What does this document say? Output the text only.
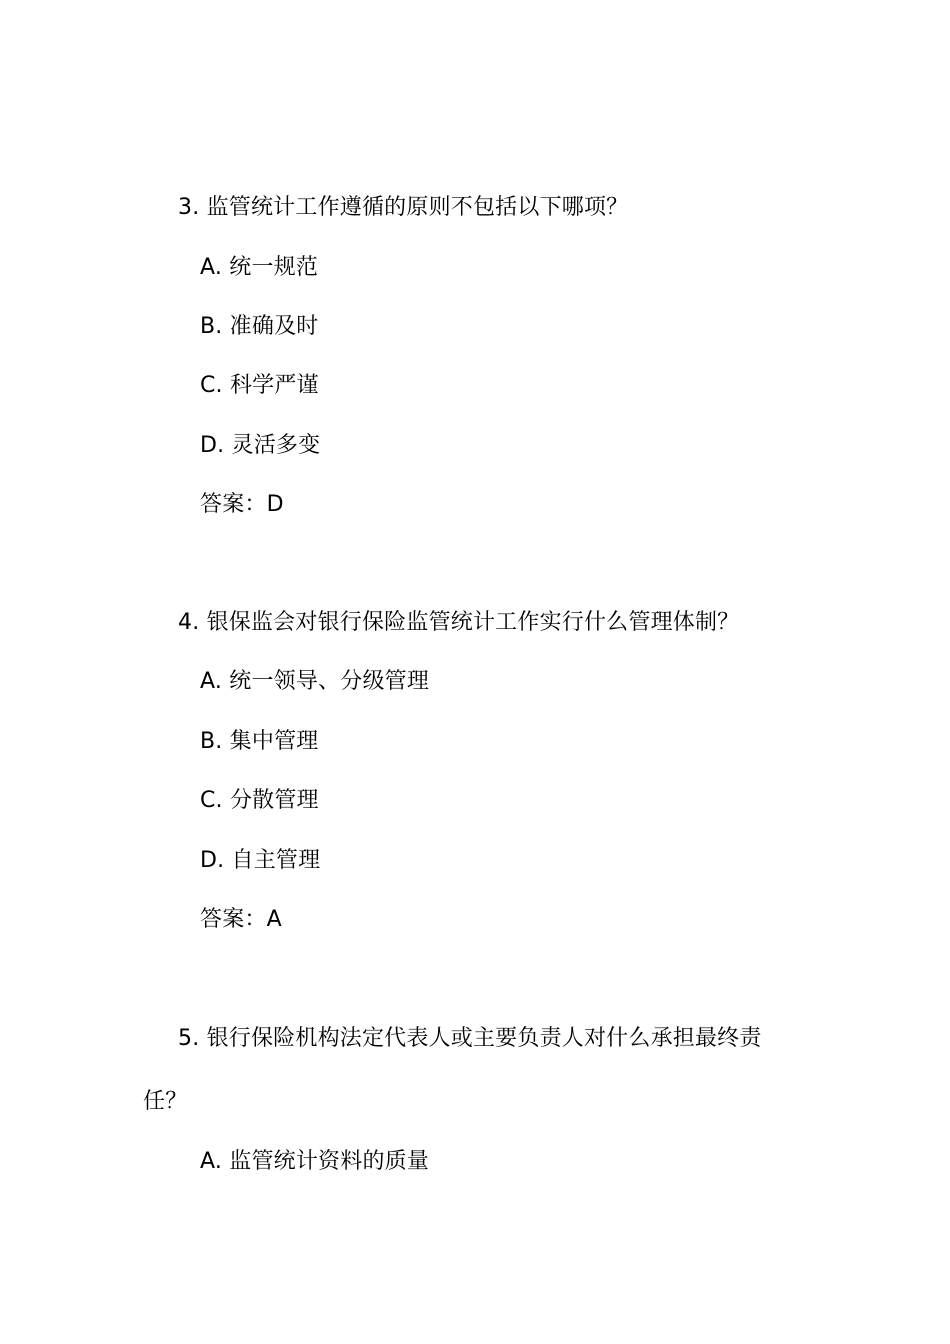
3. 监管统计工作遵循的原则不包括以下哪项？
A. 统一规范
B. 准确及时
C. 科学严谨
D. 灵活多变
答案：D
4. 银保监会对银行保险监管统计工作实行什么管理体制？
A. 统一领导、分级管理
B. 集中管理
C. 分散管理
D. 自主管理
答案：A
5. 银行保险机构法定代表人或主要负责人对什么承担最终责
任？
A. 监管统计资料的质量
